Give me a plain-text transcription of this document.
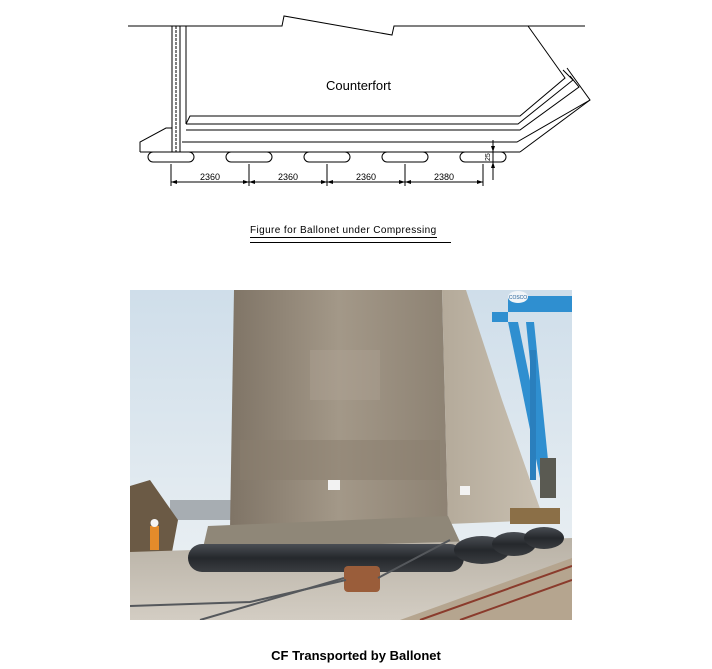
Counterfort
2360	2360	2360	2380
25
Figure for Ballonet under Compressing
COSCO
CF Transported by Ballonet
